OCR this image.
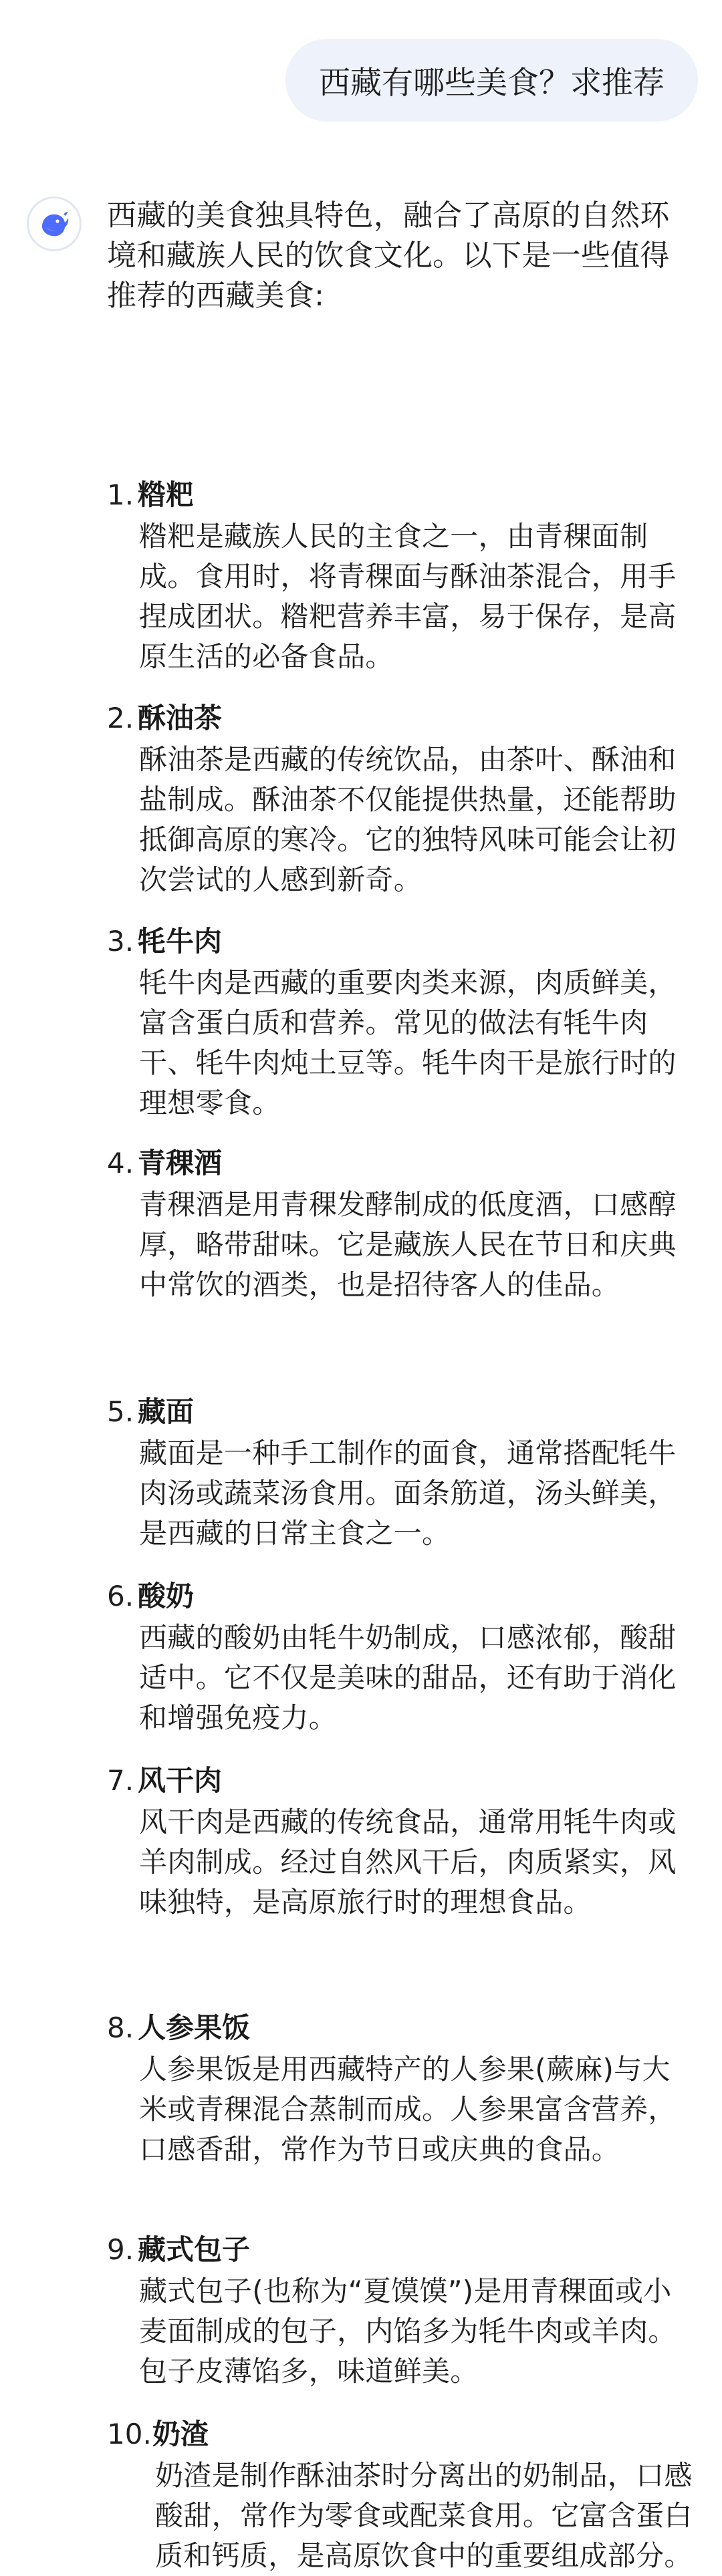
西藏有哪些美食？求推荐

西藏的美食独具特色，融合了高原的自然环境和藏族人民的饮食文化。以下是一些值得推荐的西藏美食:

1. 糌粑

糌粑是藏族人民的主食之一，由青稞面制成。食用时，将青稞面与酥油茶混合，用手捏成团状。糌粑营养丰富，易于保存，是高原生活的必备食品。

2. 酥油茶

酥油茶是西藏的传统饮品，由茶叶、酥油和盐制成。酥油茶不仅能提供热量，还能帮助抵御高原的寒冷。它的独特风味可能会让初次尝试的人感到新奇。

3. 牦牛肉

牦牛肉是西藏的重要肉类来源，肉质鲜美，富含蛋白质和营养。常见的做法有牦牛肉干、牦牛肉炖土豆等。牦牛肉干是旅行时的理想零食。

4. 青稞酒

青稞酒是用青稞发酵制成的低度酒，口感醇厚，略带甜味。它是藏族人民在节日和庆典中常饮的酒类，也是招待客人的佳品。

5. 藏面

藏面是一种手工制作的面食，通常搭配牦牛肉汤或蔬菜汤食用。面条筋道，汤头鲜美，是西藏的日常主食之一。

6. 酸奶

西藏的酸奶由牦牛奶制成，口感浓郁，酸甜适中。它不仅是美味的甜品，还有助于消化和增强免疫力。

7. 风干肉

风干肉是西藏的传统食品，通常用牦牛肉或羊肉制成。经过自然风干后，肉质紧实，风味独特，是高原旅行时的理想食品。

8. 人参果饭

人参果饭是用西藏特产的人参果(蕨麻)与大米或青稞混合蒸制而成。人参果富含营养，口感香甜，常作为节日或庆典的食品。

9. 藏式包子

藏式包子(也称为“夏馍馍”)是用青稞面或小麦面制成的包子，内馅多为牦牛肉或羊肉。包子皮薄馅多，味道鲜美。

10. 奶渣

奶渣是制作酥油茶时分离出的奶制品，口感酸甜，常作为零食或配菜食用。它富含蛋白质和钙质，是高原饮食中的重要组成部分。
